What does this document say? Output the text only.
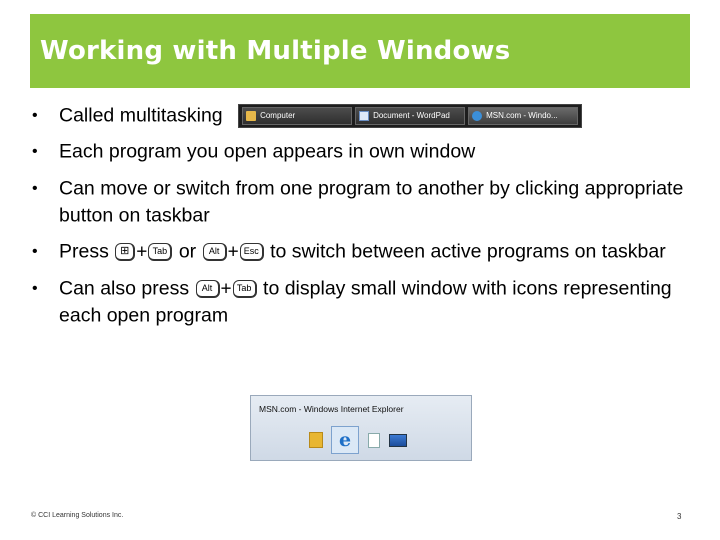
Working with Multiple Windows
• Called multitasking	Computer	Document - WordPad	MSN.com - Windo...
• Each program you open appears in own window
• Can move or switch from one program to another by clicking appropriate button on taskbar
• Press ⊞ + Tab or Alt + Esc to switch between active programs on taskbar
• Can also press Alt + Tab to display small window with icons representing each open program
MSN.com - Windows Internet Explorer
e
© CCI Learning Solutions Inc.	3
